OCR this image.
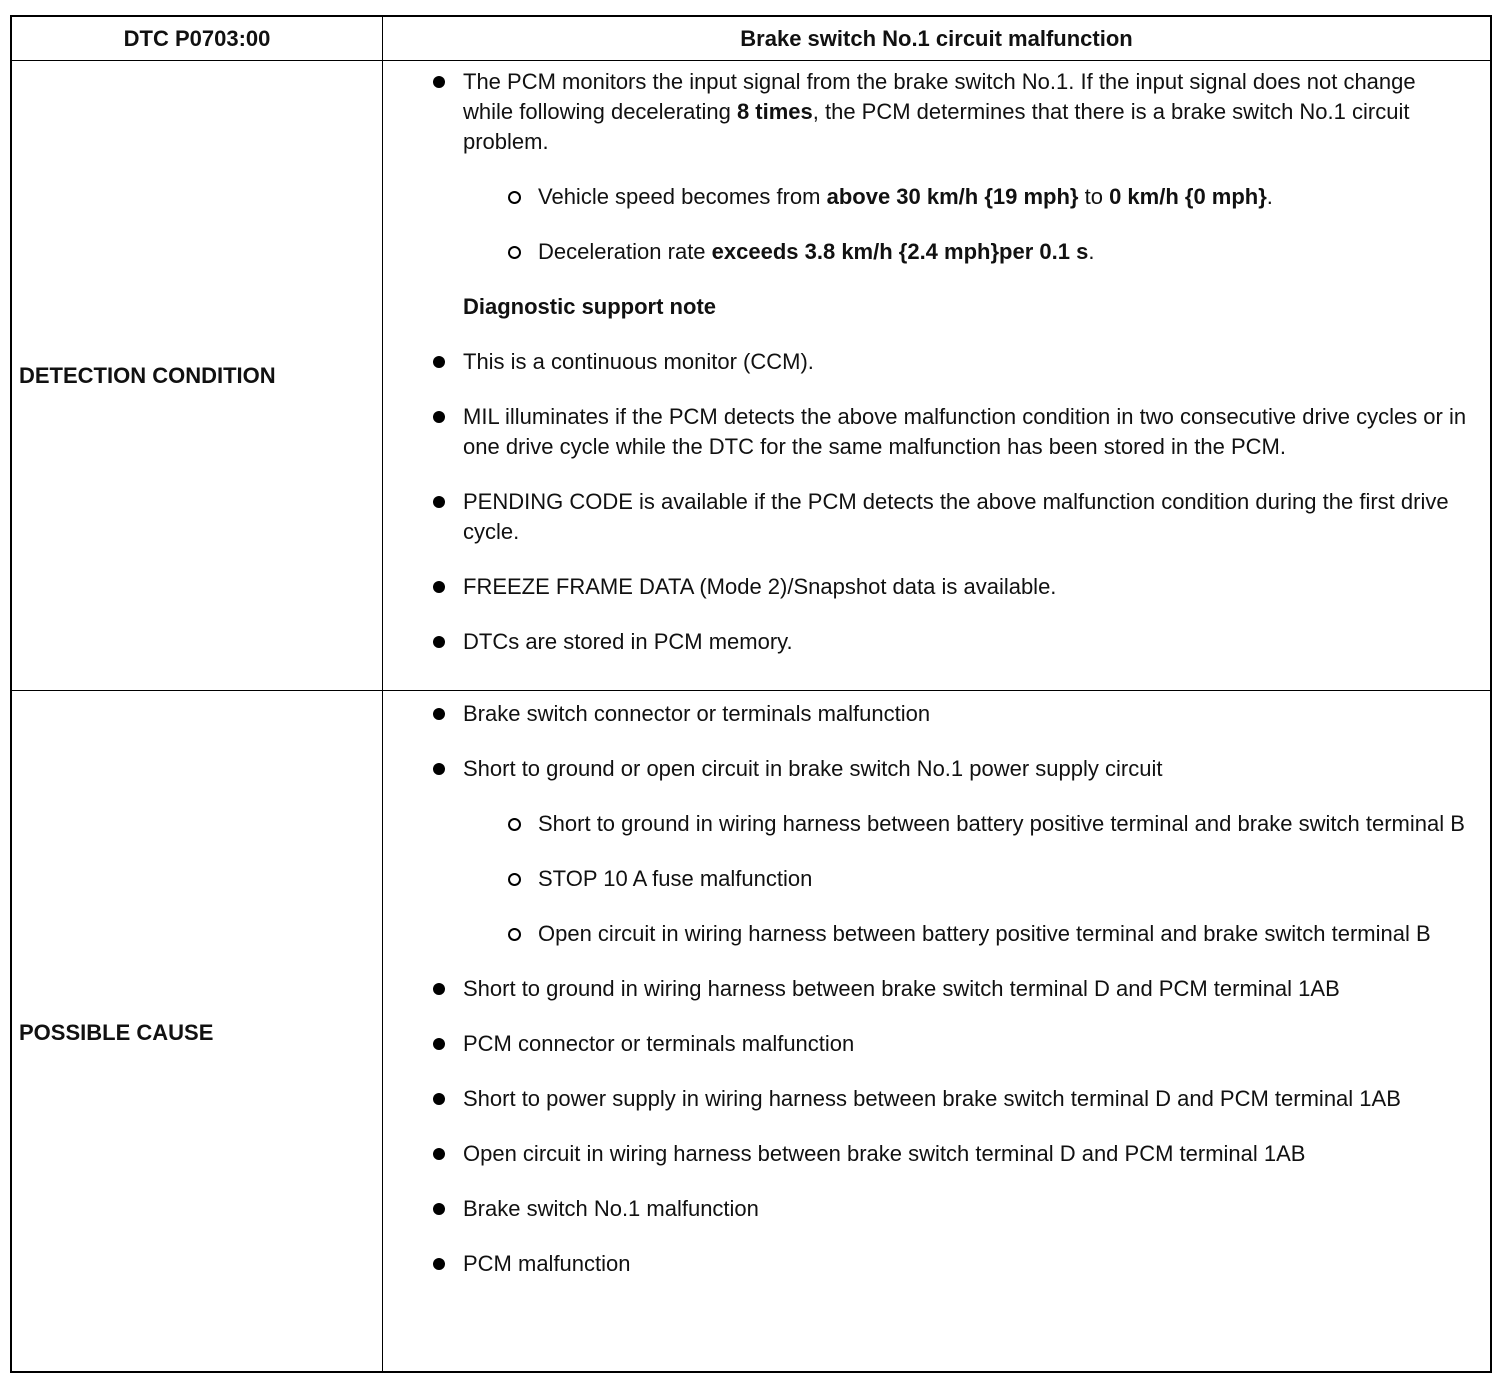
DTC P0703:00	Brake switch No.1 circuit malfunction
DETECTION CONDITION
POSSIBLE CAUSE
The PCM monitors the input signal from the brake switch No.1. If the input signal does not change while following decelerating 8 times, the PCM determines that there is a brake switch No.1 circuit problem.
Vehicle speed becomes from above 30 km/h {19 mph} to 0 km/h {0 mph}.
Deceleration rate exceeds 3.8 km/h {2.4 mph}per 0.1 s.
Diagnostic support note
This is a continuous monitor (CCM).
MIL illuminates if the PCM detects the above malfunction condition in two consecutive drive cycles or in one drive cycle while the DTC for the same malfunction has been stored in the PCM.
PENDING CODE is available if the PCM detects the above malfunction condition during the first drive cycle.
FREEZE FRAME DATA (Mode 2)/Snapshot data is available.
DTCs are stored in PCM memory.
Brake switch connector or terminals malfunction
Short to ground or open circuit in brake switch No.1 power supply circuit
Short to ground in wiring harness between battery positive terminal and brake switch terminal B
STOP 10 A fuse malfunction
Open circuit in wiring harness between battery positive terminal and brake switch terminal B
Short to ground in wiring harness between brake switch terminal D and PCM terminal 1AB
PCM connector or terminals malfunction
Short to power supply in wiring harness between brake switch terminal D and PCM terminal 1AB
Open circuit in wiring harness between brake switch terminal D and PCM terminal 1AB
Brake switch No.1 malfunction
PCM malfunction
